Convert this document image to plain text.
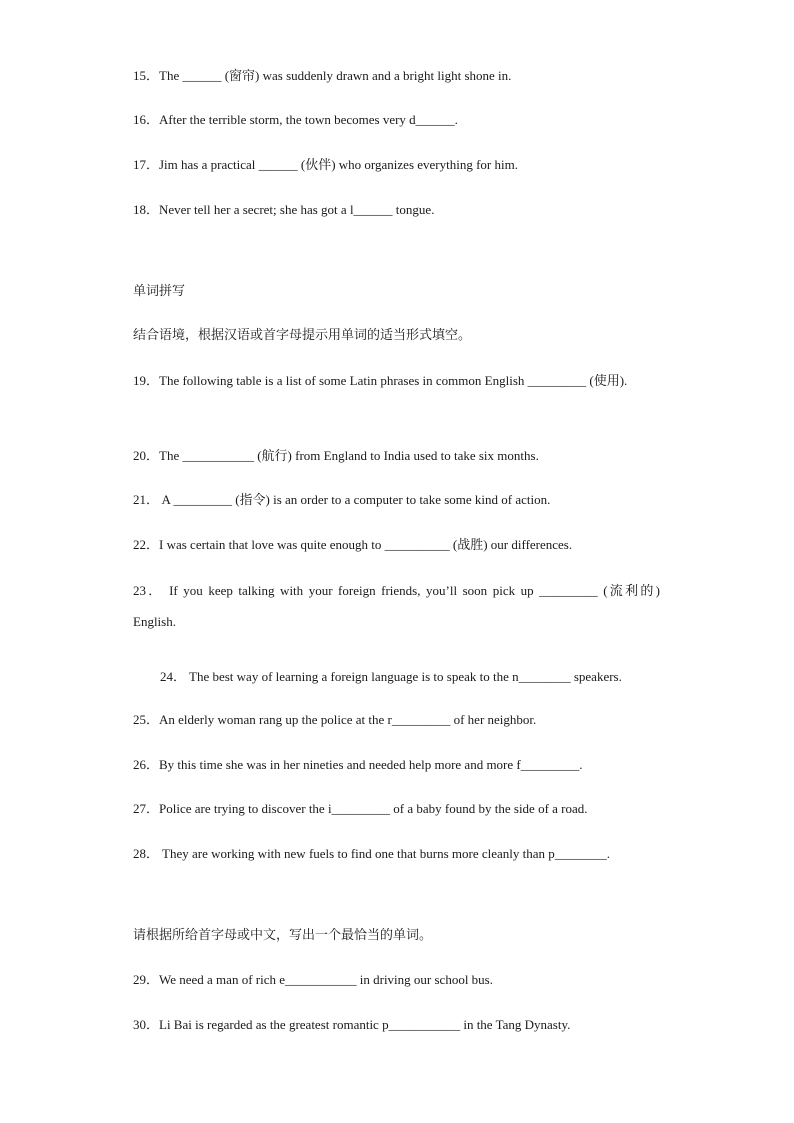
15．The ______ (窗帘) was suddenly drawn and a bright light shone in.
16．After the terrible storm, the town becomes very d______.
17．Jim has a practical ______ (伙伴) who organizes everything for him.
18．Never tell her a secret; she has got a l______ tongue.
单词拼写
结合语境，根据汉语或首字母提示用单词的适当形式填空。
19．The following table is a list of some Latin phrases in common English _________ (使用).
20．The ___________ (航行) from England to India used to take six months.
21． A _________ (指令) is an order to a computer to take some kind of action.
22．I was certain that love was quite enough to __________ (战胜) our differences.
23． If you keep talking with your foreign friends, you’ll soon pick up _________ (流利的) English.
24． The best way of learning a foreign language is to speak to the n________ speakers.
25．An elderly woman rang up the police at the r_________ of her neighbor.
26．By this time she was in her nineties and needed help more and more f_________.
27．Police are trying to discover the i_________ of a baby found by the side of a road.
28． They are working with new fuels to find one that burns more cleanly than p________.
请根据所给首字母或中文，写出一个最恰当的单词。
29．We need a man of rich e___________ in driving our school bus.
30．Li Bai is regarded as the greatest romantic p___________ in the Tang Dynasty.
